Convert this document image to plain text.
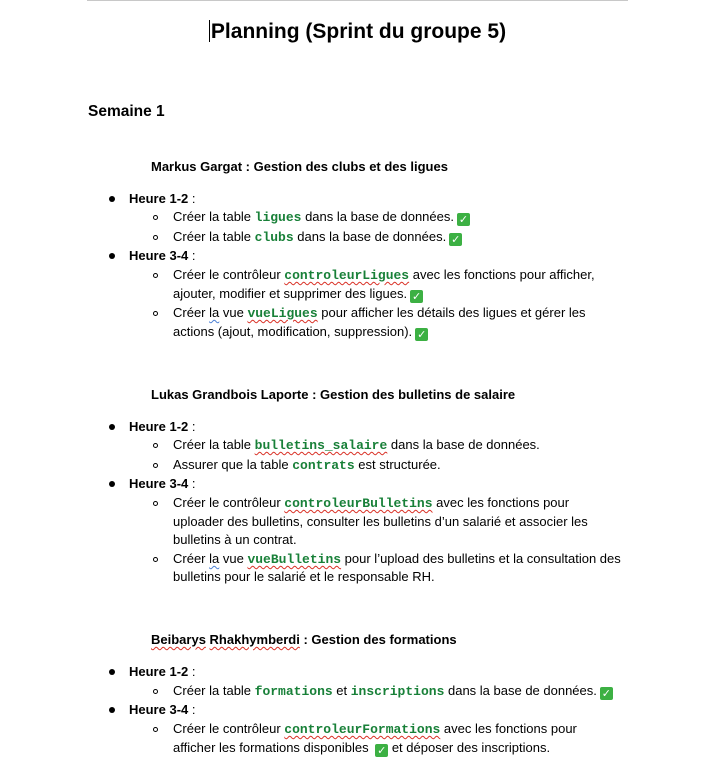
Planning (Sprint du groupe 5)
Semaine 1
Markus Gargat : Gestion des clubs et des ligues
Heure 1-2 :
Créer la table ligues dans la base de données. ✓
Créer la table clubs dans la base de données. ✓
Heure 3-4 :
Créer le contrôleur controleurLigues avec les fonctions pour afficher,
ajouter, modifier et supprimer des ligues. ✓
Créer la vue vueLigues pour afficher les détails des ligues et gérer les
actions (ajout, modification, suppression). ✓
Lukas Grandbois Laporte : Gestion des bulletins de salaire
Heure 1-2 :
Créer la table bulletins_salaire dans la base de données.
Assurer que la table contrats est structurée.
Heure 3-4 :
Créer le contrôleur controleurBulletins avec les fonctions pour
uploader des bulletins, consulter les bulletins d’un salarié et associer les
bulletins à un contrat.
Créer la vue vueBulletins pour l’upload des bulletins et la consultation des
bulletins pour le salarié et le responsable RH.
Beibarys Rhakhymberdi : Gestion des formations
Heure 1-2 :
Créer la table formations et inscriptions dans la base de données. ✓
Heure 3-4 :
Créer le contrôleur controleurFormations avec les fonctions pour
afficher les formations disponibles ✓ et déposer des inscriptions.
